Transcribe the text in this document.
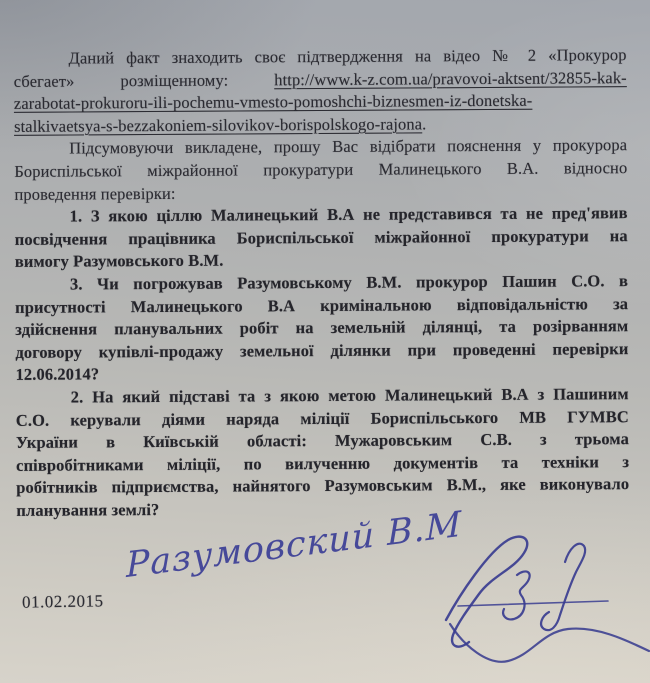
Даний факт знаходить своє підтвердження на відео № 2 «Прокурор
сбегает» розміщенному:	http://www.k-z.com.ua/pravovoi-aktsent/32855-kak-
zarabotat-prokuroru-ili-pochemu-vmesto-pomoshchi-biznesmen-iz-donetska-
stalkivaetsya-s-bezzakoniem-silovikov-borispolskogo-rajona.
Підсумовуючи викладене, прошу Вас відібрати пояснення у прокурора
Бориспільської міжрайонної прокуратури Малинецького В.А. відносно
проведення перевірки:
1. З якою ціллю Малинецький В.А не представився та не пред'явив
посвідчення працівника Бориспільської міжрайонної прокуратури на
вимогу Разумовського В.М.
3. Чи погрожував Разумовському В.М. прокурор Пашин С.О. в
присутності Малинецького В.А кримінальною відповідальністю за
здійснення планувальних робіт на земельній ділянці, та розірванням
договору купівлі-продажу земельної ділянки при проведенні перевірки
12.06.2014?
2. На який підставі та з якою метою Малинецький В.А з Пашиним
С.О. керували діями наряда міліції Бориспільського МВ ГУМВС
України в Київській області: Мужаровським С.В. з трьома
співробітниками міліції, по вилученню документів та техніки з
робітників підприємства, найнятого Разумовським В.М., яке виконувало
планування землі?
01.02.2015
Разумовский В.М
